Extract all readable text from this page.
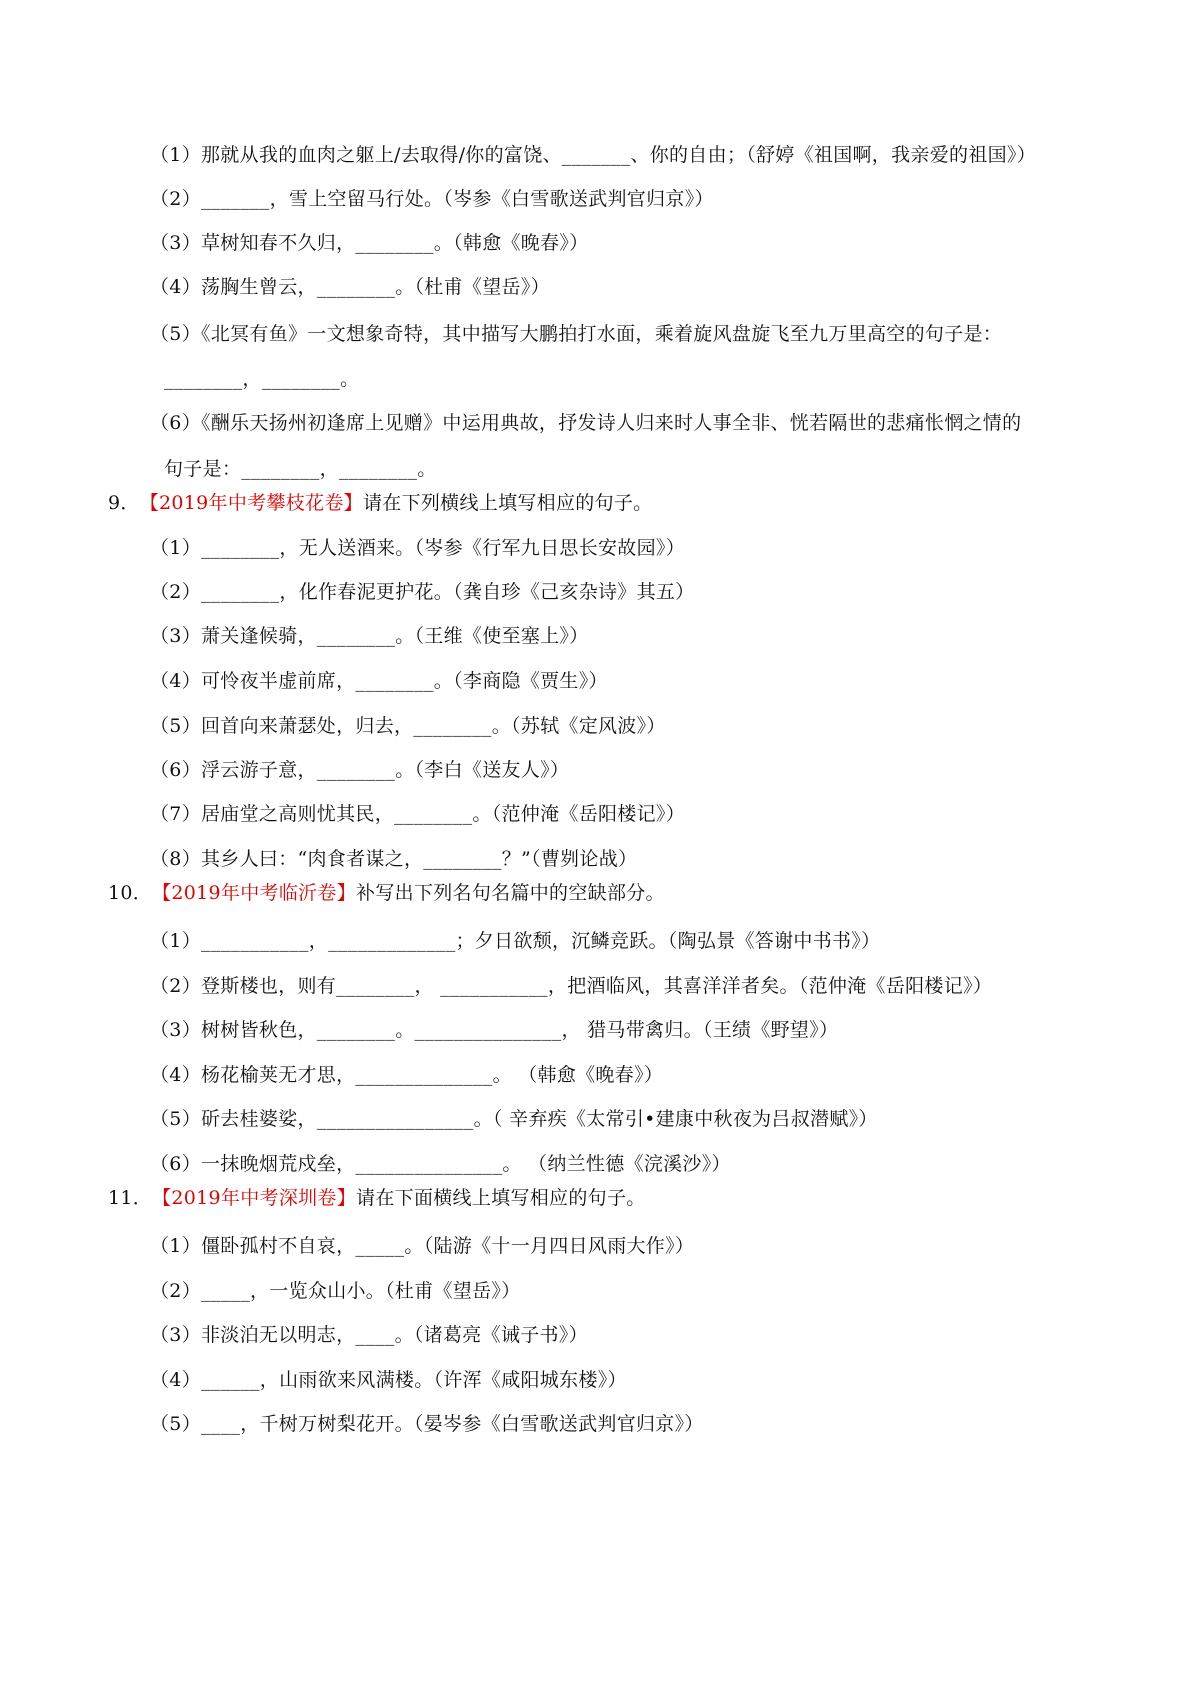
（1）那就从我的血肉之躯上/去取得/你的富饶、_______、你的自由；（舒婷《祖国啊，我亲爱的祖国》）
（2）_______，雪上空留马行处。（岑参《白雪歌送武判官归京》）
（3）草树知春不久归，________。（韩愈《晚春》）
（4）荡胸生曾云，________。（杜甫《望岳》）
（5）《北冥有鱼》一文想象奇特，其中描写大鹏拍打水面，乘着旋风盘旋飞至九万里高空的句子是：
________，________。
（6）《酬乐天扬州初逢席上见赠》中运用典故，抒发诗人归来时人事全非、恍若隔世的悲痛怅惘之情的
句子是：________，________。
9．【2019年中考攀枝花卷】请在下列横线上填写相应的句子。
（1）________，无人送酒来。（岑参《行军九日思长安故园》）
（2）________，化作春泥更护花。（龚自珍《己亥杂诗》其五）
（3）萧关逢候骑，________。（王维《使至塞上》）
（4）可怜夜半虚前席，________。（李商隐《贾生》）
（5）回首向来萧瑟处，归去，________。（苏轼《定风波》）
（6）浮云游子意，________。（李白《送友人》）
（7）居庙堂之高则忧其民，________。（范仲淹《岳阳楼记》）
（8）其乡人曰：“肉食者谋之，________？”（曹刿论战）
10．【2019年中考临沂卷】补写出下列名句名篇中的空缺部分。
（1）___________，_____________；夕日欲颓，沉鳞竞跃。（陶弘景《答谢中书书》）
（2）登斯楼也，则有________， ___________，把酒临风，其喜洋洋者矣。（范仲淹《岳阳楼记》）
（3）树树皆秋色，________。_______________， 猎马带禽归。（王绩《野望》）
（4）杨花榆荚无才思，______________。 （韩愈《晚春》）
（5）斫去桂婆娑，________________。（ 辛弃疾《太常引•建康中秋夜为吕叔潜赋》）
（6）一抹晚烟荒戍垒，_______________。 （纳兰性德《浣溪沙》）
11．【2019年中考深圳卷】请在下面横线上填写相应的句子。
（1）僵卧孤村不自哀，_____。（陆游《十一月四日风雨大作》）
（2）_____，一览众山小。（杜甫《望岳》）
（3）非淡泊无以明志，____。（诸葛亮《诫子书》）
（4）______，山雨欲来风满楼。（许浑《咸阳城东楼》）
（5）____，千树万树梨花开。（晏岑参《白雪歌送武判官归京》）
